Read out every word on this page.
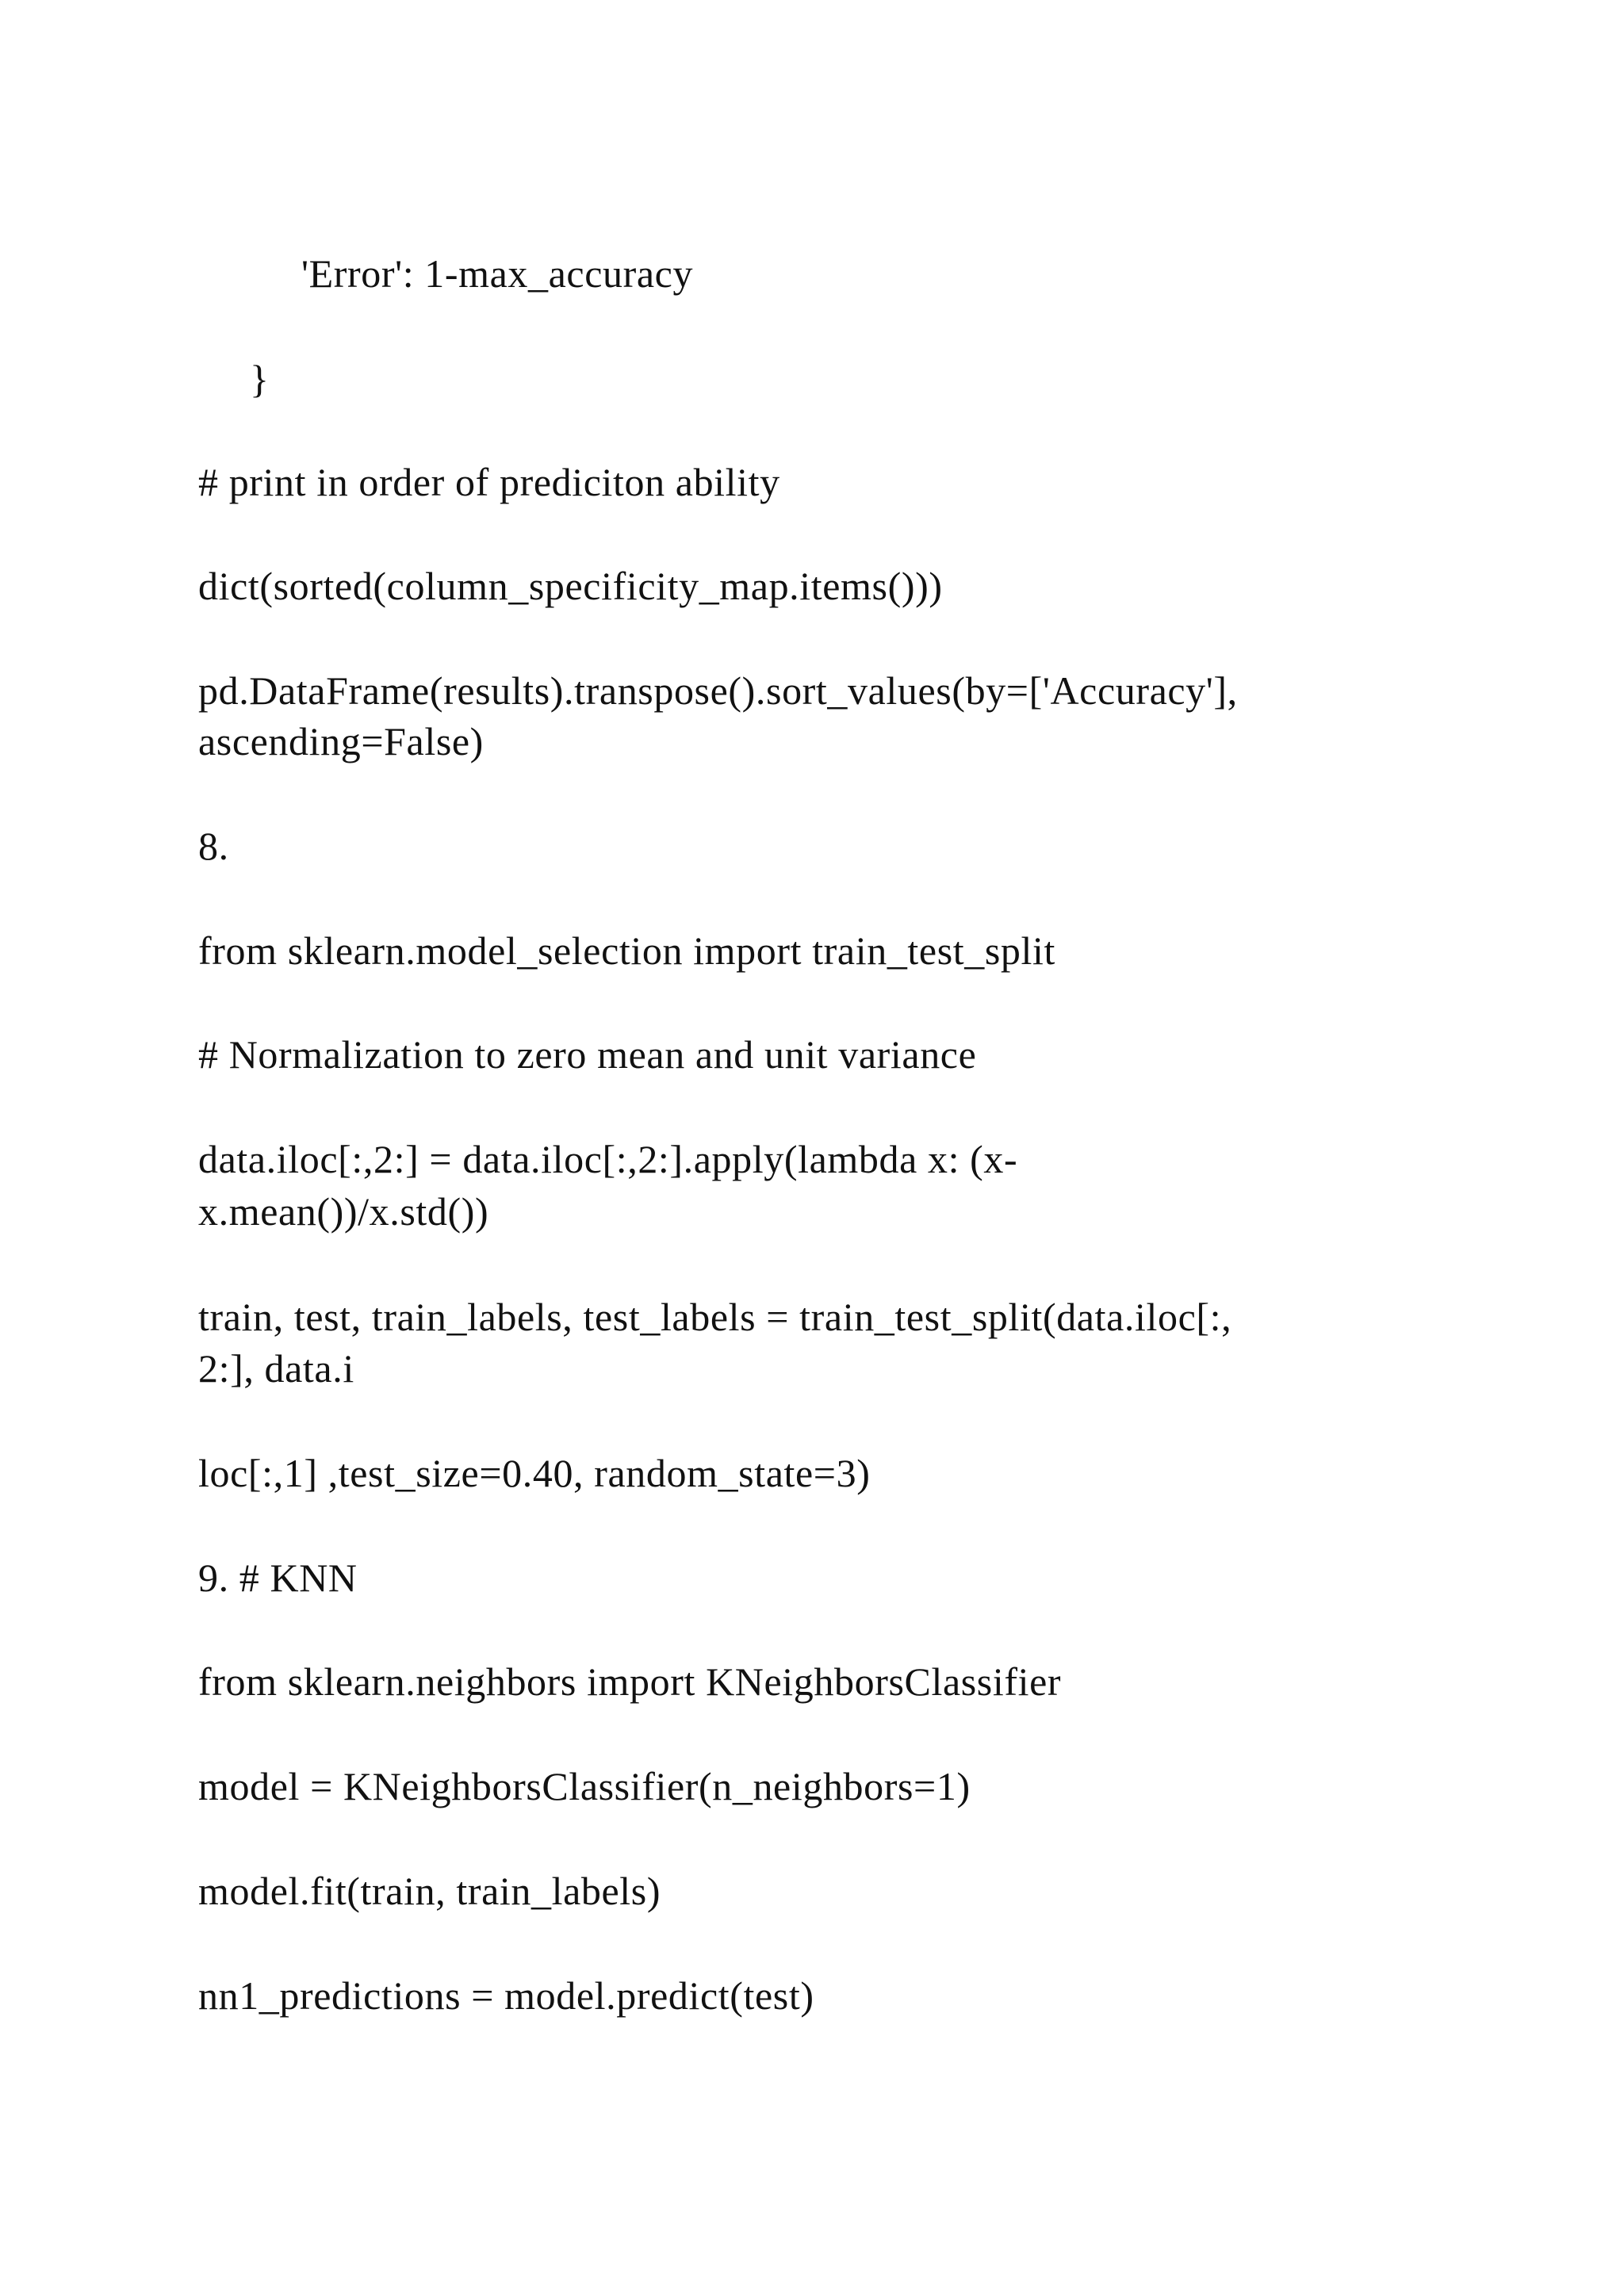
'Error': 1-max_accuracy
}
# print in order of prediciton ability
dict(sorted(column_specificity_map.items()))
pd.DataFrame(results).transpose().sort_values(by=['Accuracy'],
ascending=False)
8.
from sklearn.model_selection import train_test_split
# Normalization to zero mean and unit variance
data.iloc[:,2:] = data.iloc[:,2:].apply(lambda x: (x-
x.mean())/x.std())
train, test, train_labels, test_labels = train_test_split(data.iloc[:,
2:], data.i
loc[:,1] ,test_size=0.40, random_state=3)
9. # KNN
from sklearn.neighbors import KNeighborsClassifier
model = KNeighborsClassifier(n_neighbors=1)
model.fit(train, train_labels)
nn1_predictions = model.predict(test)
